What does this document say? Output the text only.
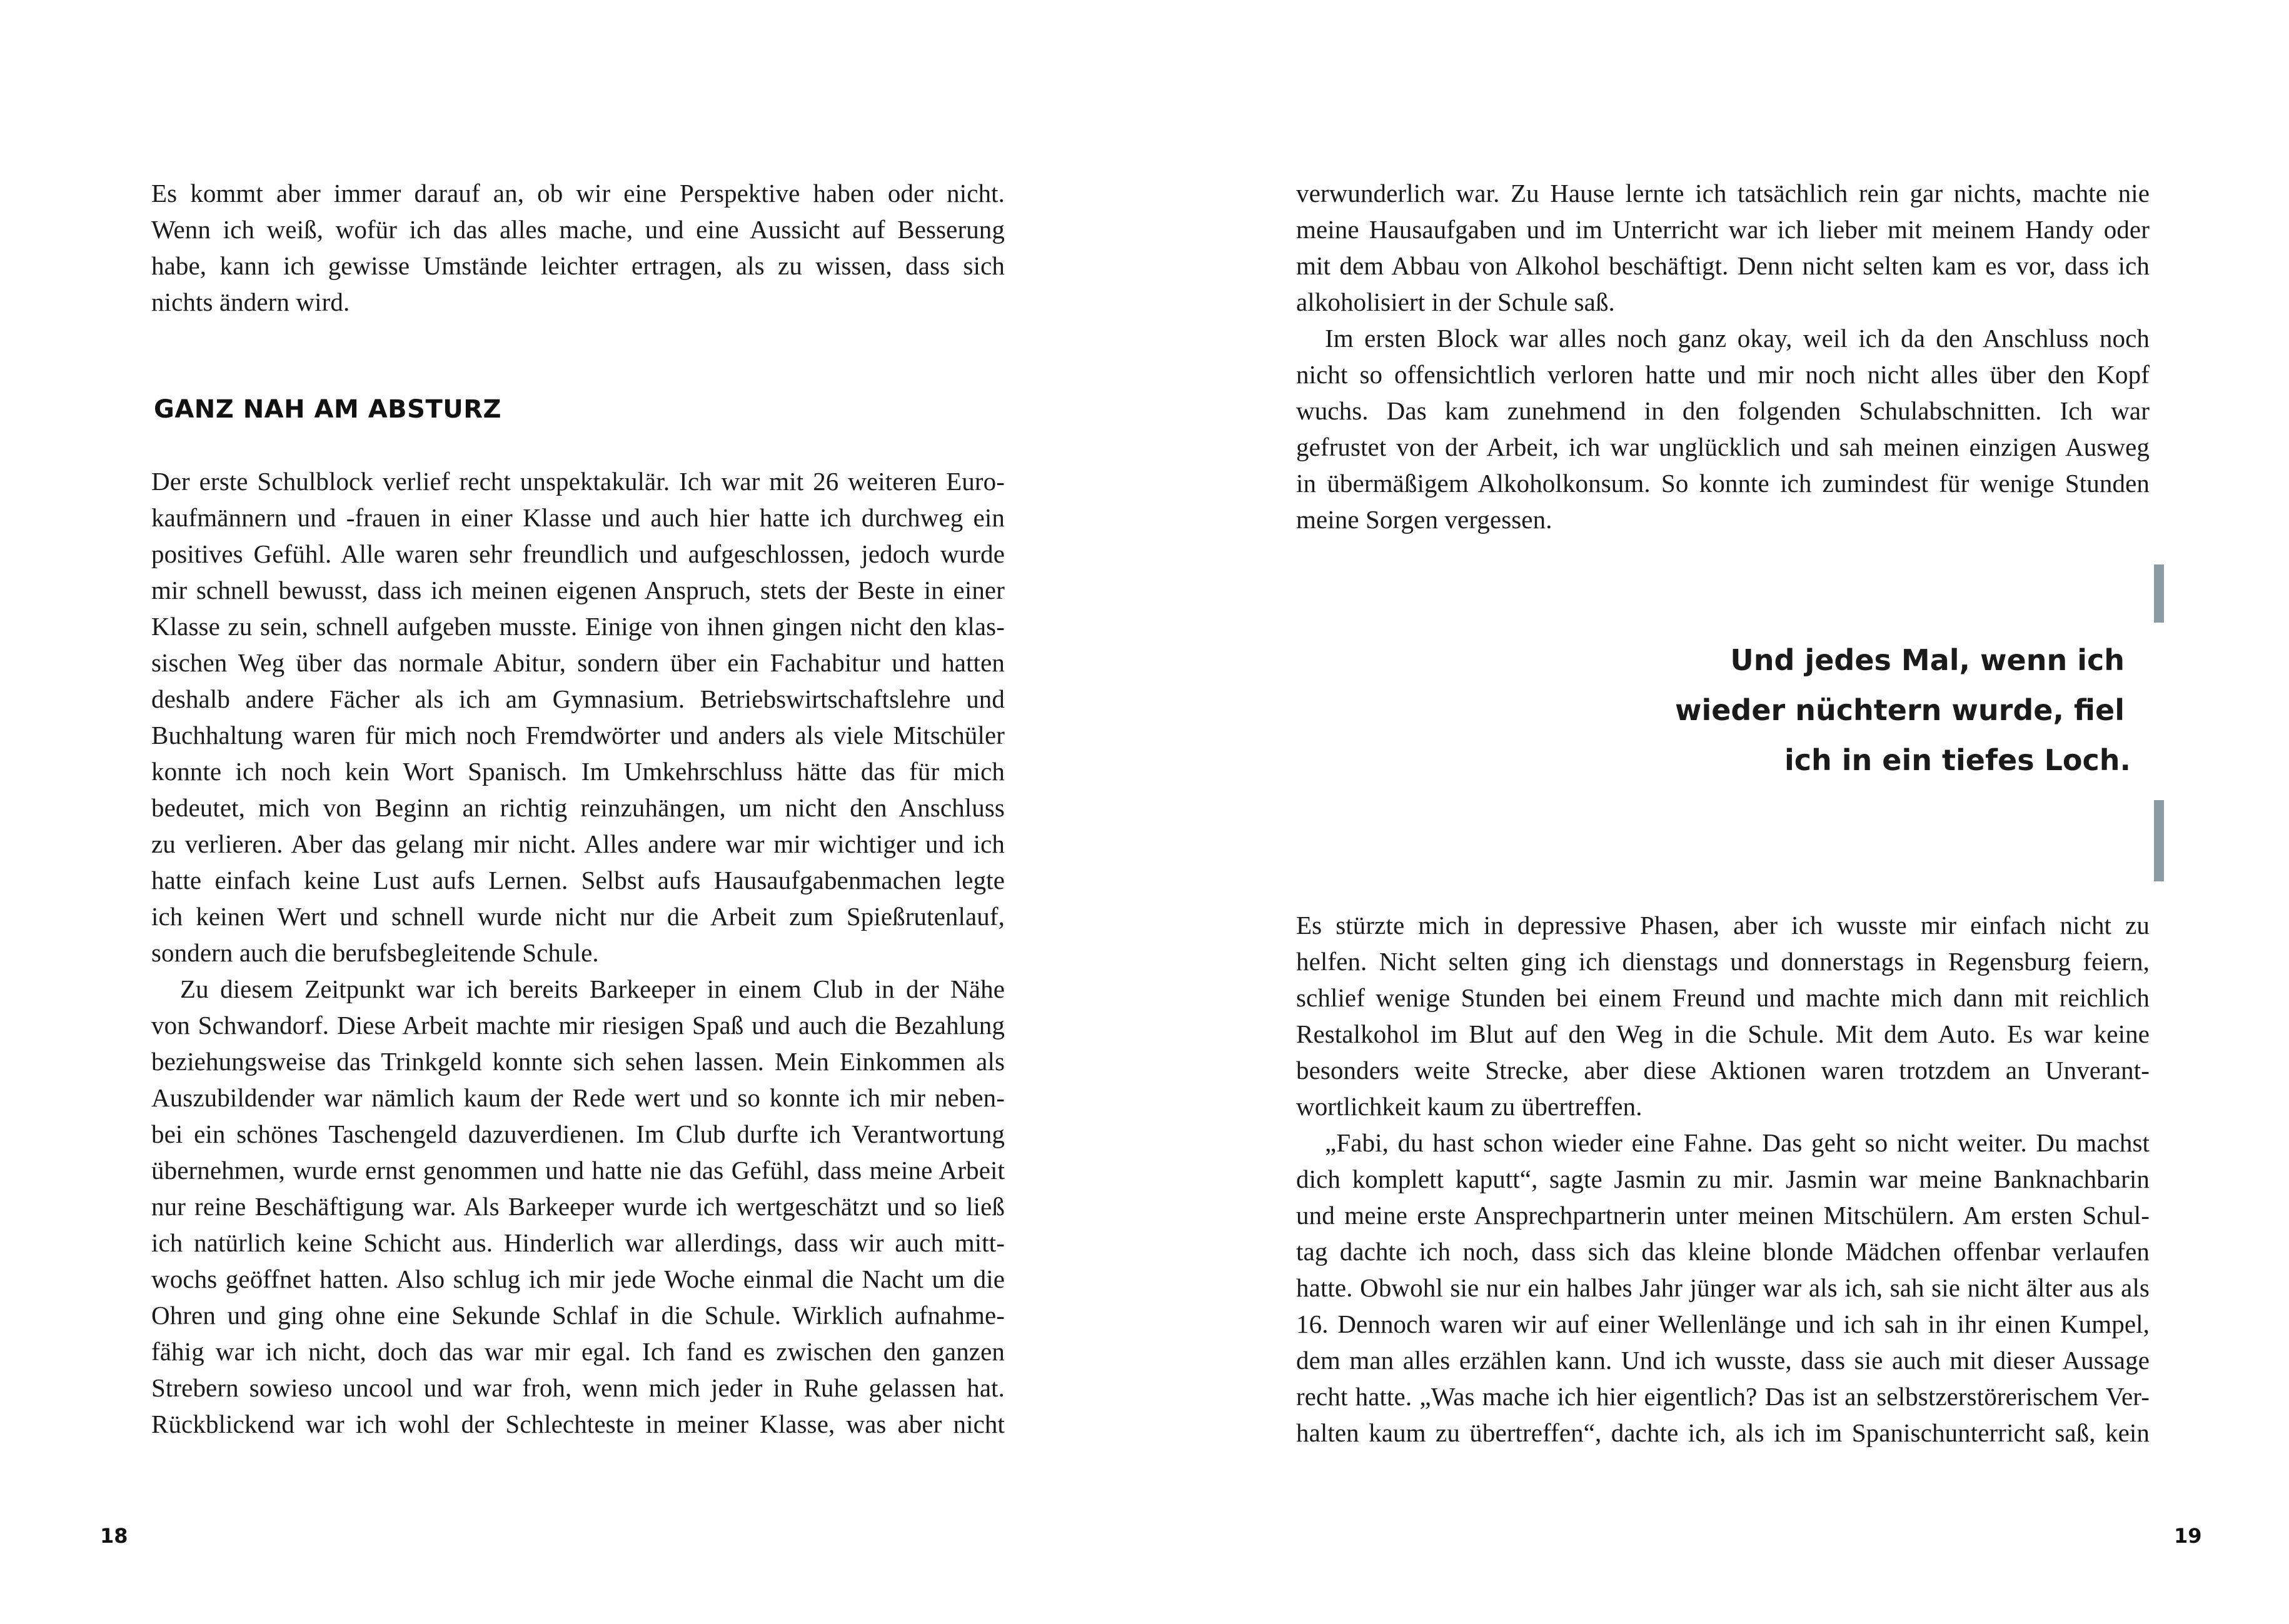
Es kommt aber immer darauf an, ob wir eine Perspektive haben oder nicht.
Wenn ich weiß, wofür ich das alles mache, und eine Aussicht auf Besserung
habe, kann ich gewisse Umstände leichter ertragen, als zu wissen, dass sich
nichts ändern wird.
GANZ NAH AM ABSTURZ
Der erste Schulblock verlief recht unspektakulär. Ich war mit 26 weiteren Euro-
kaufmännern und -frauen in einer Klasse und auch hier hatte ich durchweg ein
positives Gefühl. Alle waren sehr freundlich und aufgeschlossen, jedoch wurde
mir schnell bewusst, dass ich meinen eigenen Anspruch, stets der Beste in einer
Klasse zu sein, schnell aufgeben musste. Einige von ihnen gingen nicht den klas-
sischen Weg über das normale Abitur, sondern über ein Fachabitur und hatten
deshalb andere Fächer als ich am Gymnasium. Betriebswirtschaftslehre und
Buchhaltung waren für mich noch Fremdwörter und anders als viele Mitschüler
konnte ich noch kein Wort Spanisch. Im Umkehrschluss hätte das für mich
bedeutet, mich von Beginn an richtig reinzuhängen, um nicht den Anschluss
zu verlieren. Aber das gelang mir nicht. Alles andere war mir wichtiger und ich
hatte einfach keine Lust aufs Lernen. Selbst aufs Hausaufgabenmachen legte
ich keinen Wert und schnell wurde nicht nur die Arbeit zum Spießrutenlauf,
sondern auch die berufsbegleitende Schule.
Zu diesem Zeitpunkt war ich bereits Barkeeper in einem Club in der Nähe
von Schwandorf. Diese Arbeit machte mir riesigen Spaß und auch die Bezahlung
beziehungsweise das Trinkgeld konnte sich sehen lassen. Mein Einkommen als
Auszubildender war nämlich kaum der Rede wert und so konnte ich mir neben-
bei ein schönes Taschengeld dazuverdienen. Im Club durfte ich Verantwortung
übernehmen, wurde ernst genommen und hatte nie das Gefühl, dass meine Arbeit
nur reine Beschäftigung war. Als Barkeeper wurde ich wertgeschätzt und so ließ
ich natürlich keine Schicht aus. Hinderlich war allerdings, dass wir auch mitt-
wochs geöffnet hatten. Also schlug ich mir jede Woche einmal die Nacht um die
Ohren und ging ohne eine Sekunde Schlaf in die Schule. Wirklich aufnahme-
fähig war ich nicht, doch das war mir egal. Ich fand es zwischen den ganzen
Strebern sowieso uncool und war froh, wenn mich jeder in Ruhe gelassen hat.
Rückblickend war ich wohl der Schlechteste in meiner Klasse, was aber nicht
18
verwunderlich war. Zu Hause lernte ich tatsächlich rein gar nichts, machte nie
meine Hausaufgaben und im Unterricht war ich lieber mit meinem Handy oder
mit dem Abbau von Alkohol beschäftigt. Denn nicht selten kam es vor, dass ich
alkoholisiert in der Schule saß.
Im ersten Block war alles noch ganz okay, weil ich da den Anschluss noch
nicht so offensichtlich verloren hatte und mir noch nicht alles über den Kopf
wuchs. Das kam zunehmend in den folgenden Schulabschnitten. Ich war
gefrustet von der Arbeit, ich war unglücklich und sah meinen einzigen Ausweg
in übermäßigem Alkoholkonsum. So konnte ich zumindest für wenige Stunden
meine Sorgen vergessen.
Und jedes Mal, wenn ich
wieder nüchtern wurde, fiel
ich in ein tiefes Loch.
Es stürzte mich in depressive Phasen, aber ich wusste mir einfach nicht zu
helfen. Nicht selten ging ich dienstags und donnerstags in Regensburg feiern,
schlief wenige Stunden bei einem Freund und machte mich dann mit reichlich
Restalkohol im Blut auf den Weg in die Schule. Mit dem Auto. Es war keine
besonders weite Strecke, aber diese Aktionen waren trotzdem an Unverant-
wortlichkeit kaum zu übertreffen.
„Fabi, du hast schon wieder eine Fahne. Das geht so nicht weiter. Du machst
dich komplett kaputt“, sagte Jasmin zu mir. Jasmin war meine Banknachbarin
und meine erste Ansprechpartnerin unter meinen Mitschülern. Am ersten Schul-
tag dachte ich noch, dass sich das kleine blonde Mädchen offenbar verlaufen
hatte. Obwohl sie nur ein halbes Jahr jünger war als ich, sah sie nicht älter aus als
16. Dennoch waren wir auf einer Wellenlänge und ich sah in ihr einen Kumpel,
dem man alles erzählen kann. Und ich wusste, dass sie auch mit dieser Aussage
recht hatte. „Was mache ich hier eigentlich? Das ist an selbstzerstörerischem Ver-
halten kaum zu übertreffen“, dachte ich, als ich im Spanischunterricht saß, kein
19
